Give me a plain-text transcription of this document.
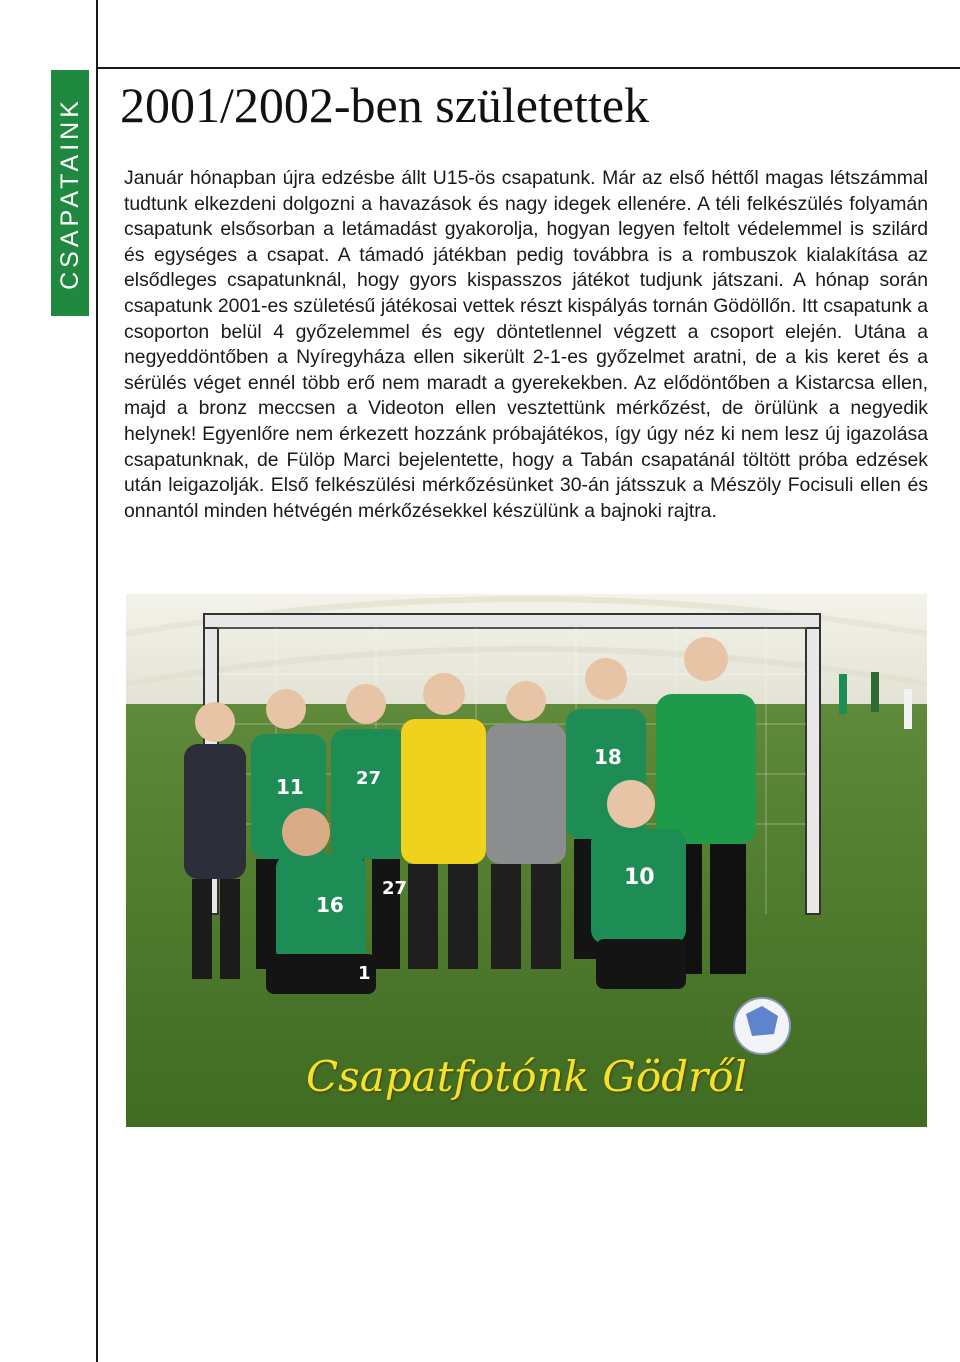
CSAPATAINK 2001/2002-ben születettek

Január hónapban újra edzésbe állt U15-ös csapatunk. Már az első héttől magas létszámmal tudtunk elkezdeni dolgozni a havazások és nagy idegek ellenére. A téli felkészülés folyamán csapatunk elsősorban a letámadást gyakorolja, hogyan legyen feltolt védelemmel is szilárd és egységes a csapat. A támadó játékban pedig továbbra is a rombuszok kialakítása az elsődleges csapatunknál, hogy gyors kispasszos játékot tudjunk játszani. A hónap során csapatunk 2001-es születésű játékosai vettek részt kispályás tornán Gödöllőn. Itt csapatunk a csoporton belül 4 győzelemmel és egy döntetlennel végzett a csoport elején. Utána a negyeddöntőben a Nyíregyháza ellen sikerült 2-1-es győzelmet aratni, de a kis keret és a sérülés véget ennél több erő nem maradt a gyerekekben. Az elődöntőben a Kistarcsa ellen, majd a bronz meccsen a Videoton ellen vesztettünk mérkőzést, de örülünk a negyedik helynek! Egyenlőre nem érkezett hozzánk próbajátékos, így úgy néz ki nem lesz új igazolása csapatunknak, de Fülöp Marci bejelentette, hogy a Tabán csapatánál töltött próba edzések után leigazolják. Első felkészülési mérkőzésünket 30-án játsszuk a Mészöly Focisuli ellen és onnantól minden hétvégén mérkőzésekkel készülünk a bajnoki rajtra.

11	27
18
27
16
10
1
Csapatfotónk Gödről
